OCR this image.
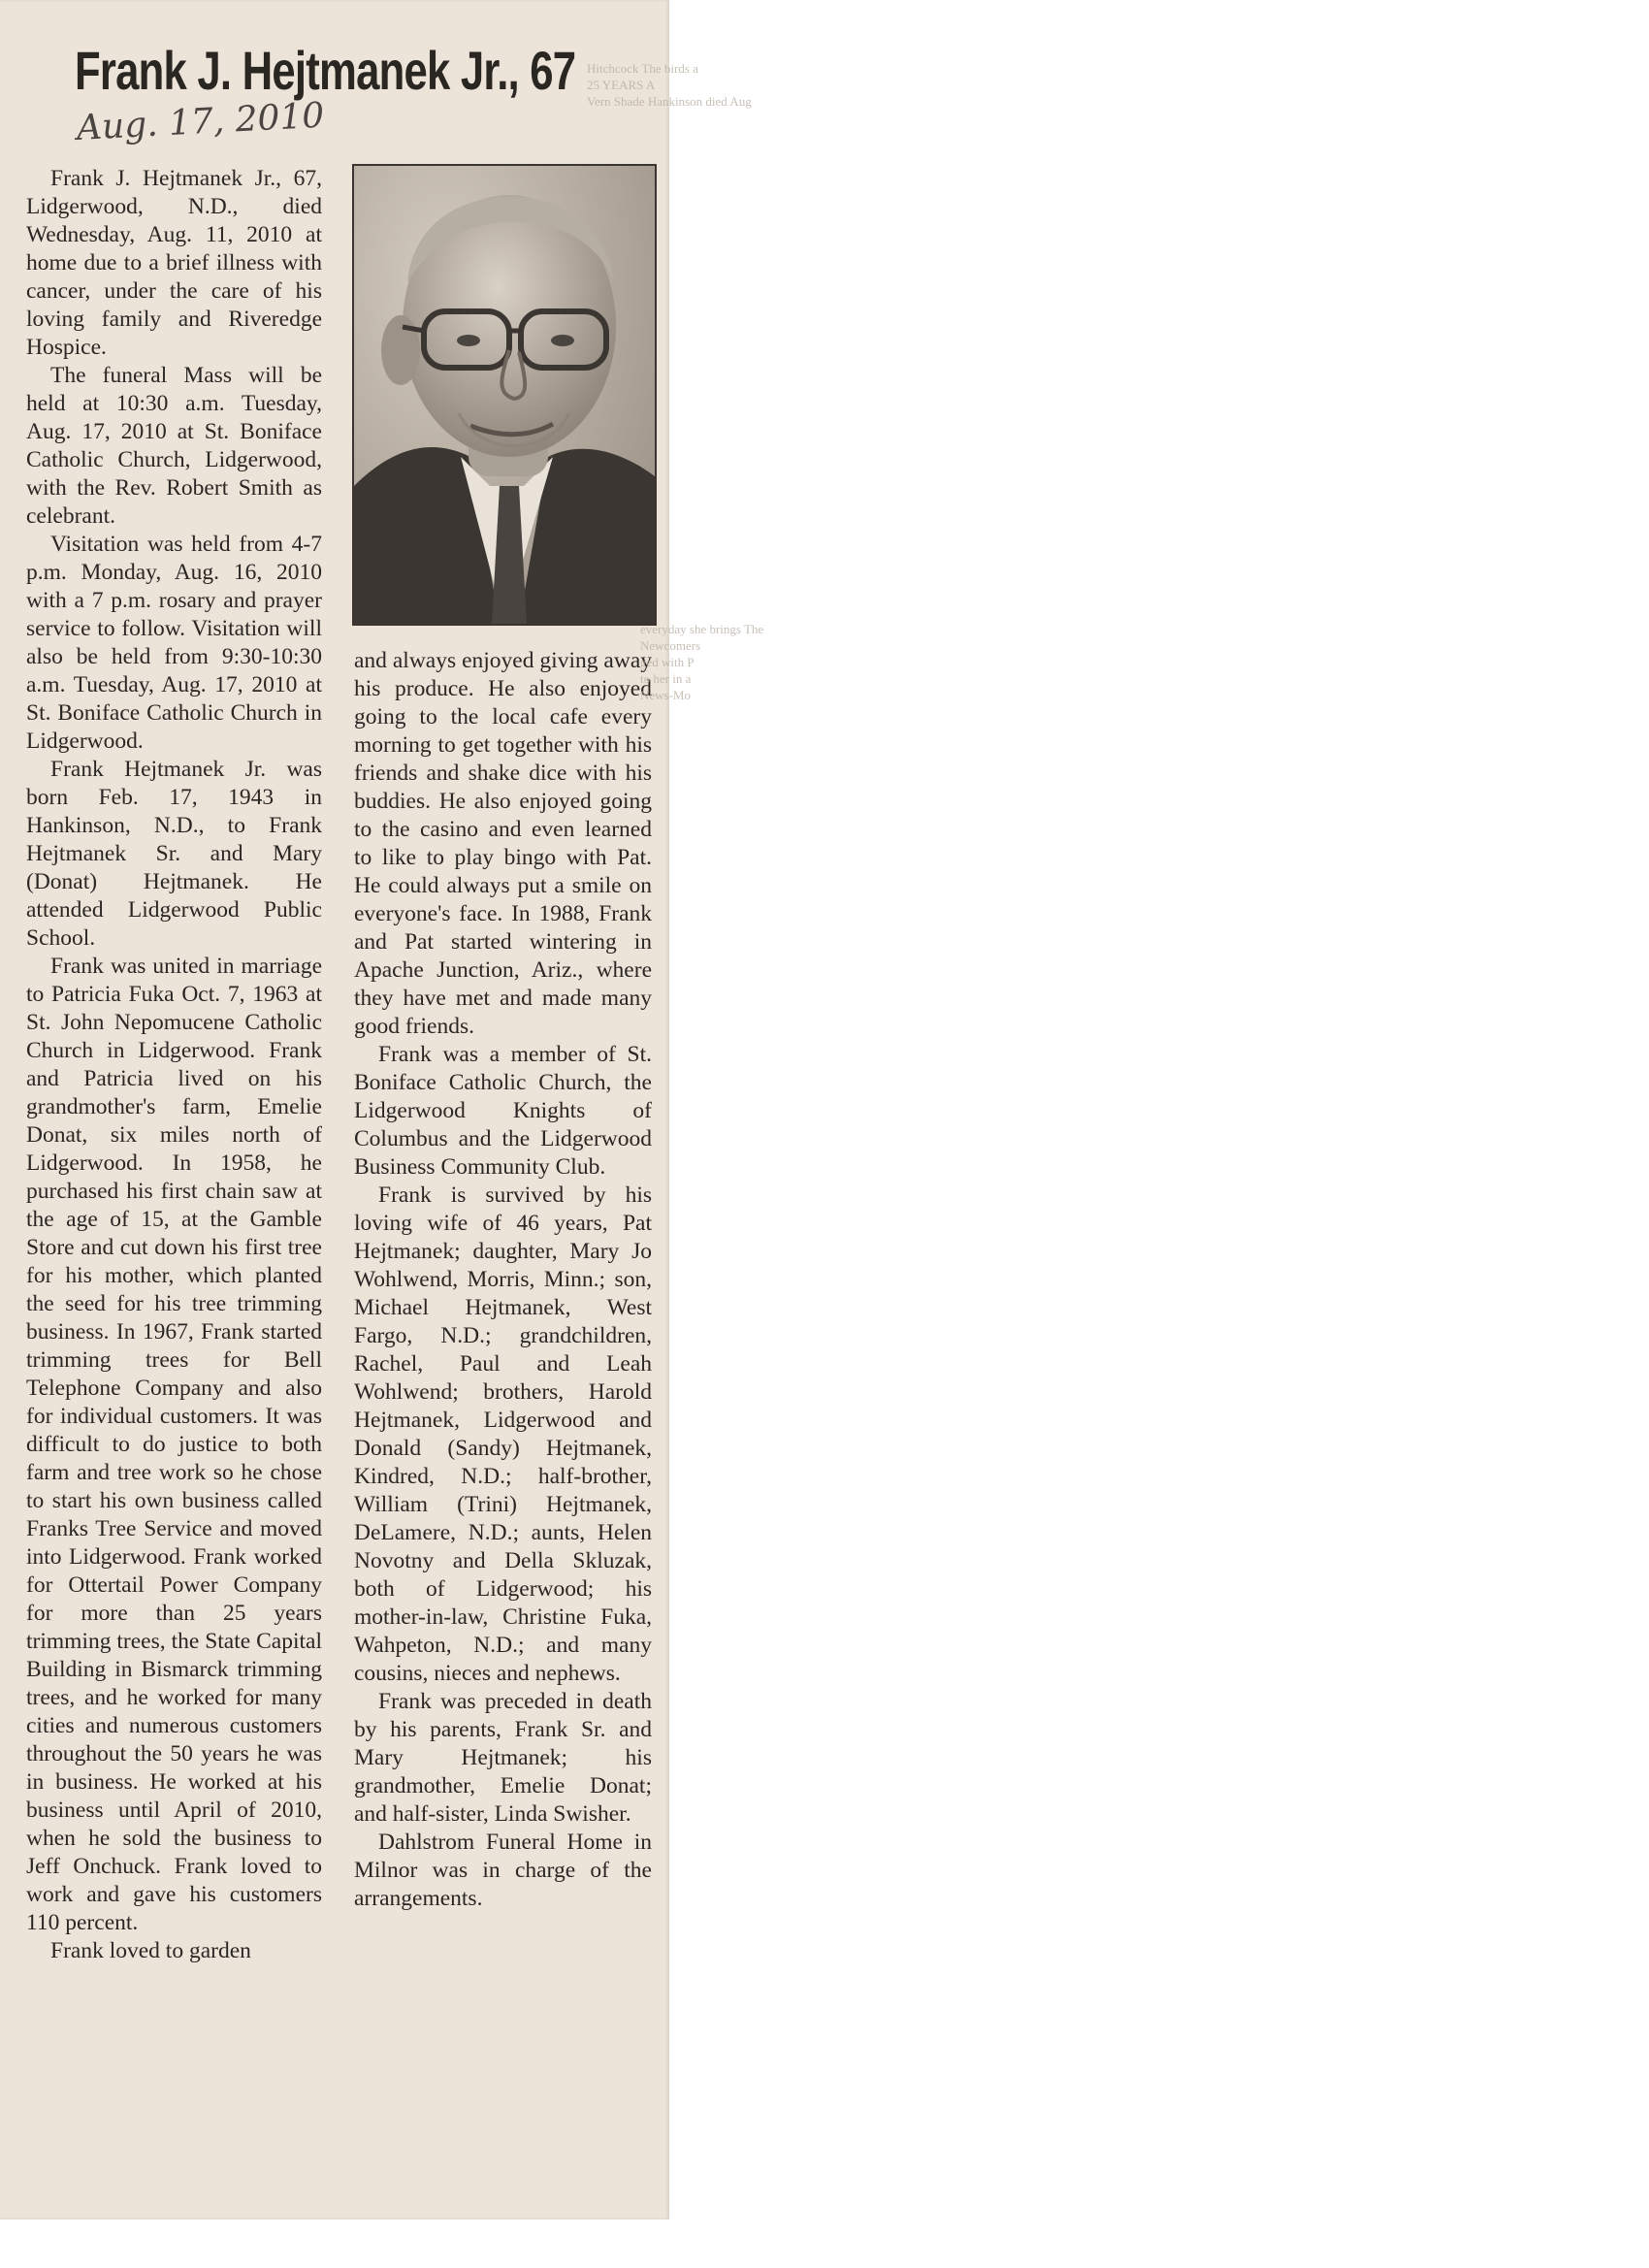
Hitchcock The birds a
25 YEARS A
Vern Shade Hankinson died Aug
Frank J. Hejtmanek Jr., 67
Aug. 17, 2010

Frank J. Hejtmanek Jr., 67, Lidgerwood, N.D., died Wednesday, Aug. 11, 2010 at home due to a brief illness with cancer, under the care of his loving family and Riveredge Hospice.

The funeral Mass will be held at 10:30 a.m. Tuesday, Aug. 17, 2010 at St. Boniface Catholic Church, Lidgerwood, with the Rev. Robert Smith as celebrant.

Visitation was held from 4-7 p.m. Monday, Aug. 16, 2010 with a 7 p.m. rosary and prayer service to follow. Visitation will also be held from 9:30-10:30 a.m. Tuesday, Aug. 17, 2010 at St. Boniface Catholic Church in Lidgerwood.

Frank Hejtmanek Jr. was born Feb. 17, 1943 in Hankinson, N.D., to Frank Hejtmanek Sr. and Mary (Donat) Hejtmanek. He attended Lidgerwood Public School.

Frank was united in marriage to Patricia Fuka Oct. 7, 1963 at St. John Nepomucene Catholic Church in Lidgerwood. Frank and Patricia lived on his grandmother's farm, Emelie Donat, six miles north of Lidgerwood. In 1958, he purchased his first chain saw at the age of 15, at the Gamble Store and cut down his first tree for his mother, which planted the seed for his tree trimming business. In 1967, Frank started trimming trees for Bell Telephone Company and also for individual customers. It was difficult to do justice to both farm and tree work so he chose to start his own business called Franks Tree Service and moved into Lidgerwood. Frank worked for Ottertail Power Company for more than 25 years trimming trees, the State Capital Building in Bismarck trimming trees, and he worked for many cities and numerous customers throughout the 50 years he was in business. He worked at his business until April of 2010, when he sold the business to Jeff Onchuck. Frank loved to work and gave his customers 110 percent.

Frank loved to garden

and always enjoyed giving away his produce. He also enjoyed going to the local cafe every morning to get together with his friends and shake dice with his buddies. He also enjoyed going to the casino and even learned to like to play bingo with Pat. He could always put a smile on everyone's face. In 1988, Frank and Pat started wintering in Apache Junction, Ariz., where they have met and made many good friends.

Frank was a member of St. Boniface Catholic Church, the Lidgerwood Knights of Columbus and the Lidgerwood Business Community Club.

Frank is survived by his loving wife of 46 years, Pat Hejtmanek; daughter, Mary Jo Wohlwend, Morris, Minn.; son, Michael Hejtmanek, West Fargo, N.D.; grandchildren, Rachel, Paul and Leah Wohlwend; brothers, Harold Hejtmanek, Lidgerwood and Donald (Sandy) Hejtmanek, Kindred, N.D.; half-brother, William (Trini) Hejtmanek, DeLamere, N.D.; aunts, Helen Novotny and Della Skluzak, both of Lidgerwood; his mother-in-law, Christine Fuka, Wahpeton, N.D.; and many cousins, nieces and nephews.

Frank was preceded in death by his parents, Frank Sr. and Mary Hejtmanek; his grandmother, Emelie Donat; and half-sister, Linda Swisher.

Dahlstrom Funeral Home in Milnor was in charge of the arrangements.

everyday she brings The
Newcomers
ged with P
to her in a
News-Mo
